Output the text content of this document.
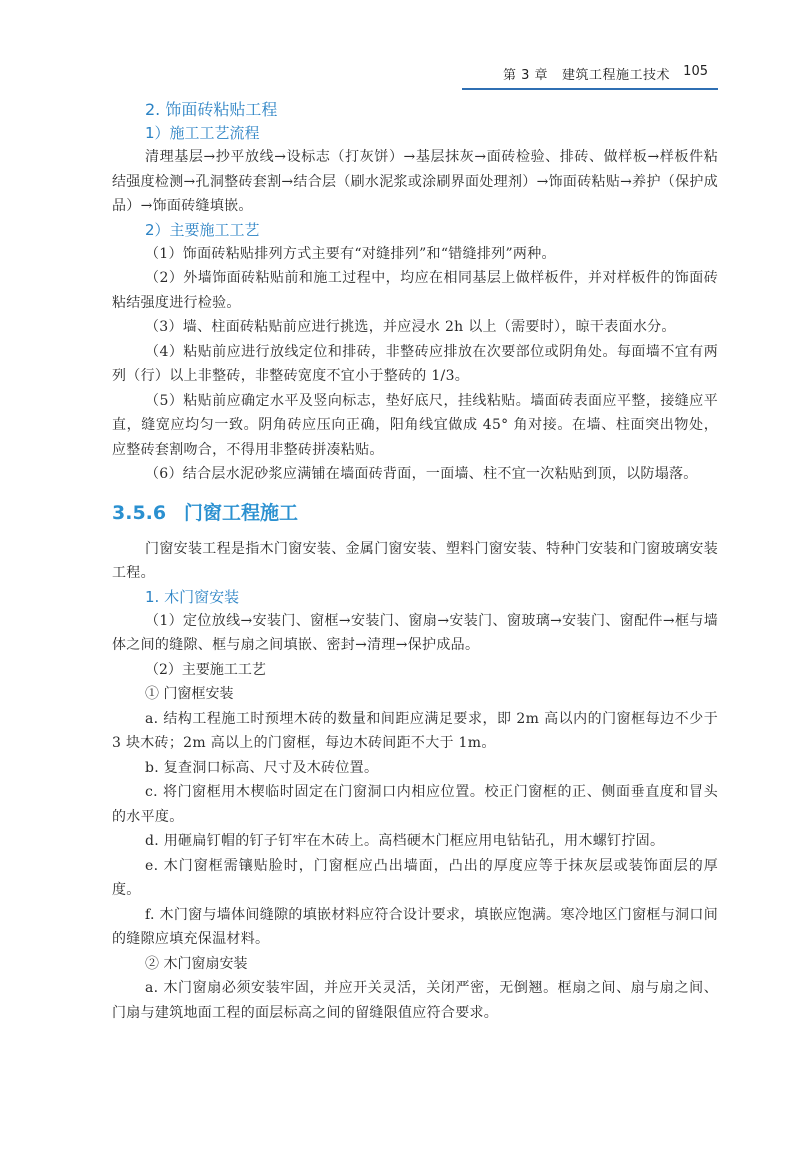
第 3 章 建筑工程施工技术 105
2. 饰面砖粘贴工程
1）施工工艺流程

清理基层→抄平放线→设标志（打灰饼）→基层抹灰→面砖检验、排砖、做样板→样板件粘结强度检测→孔洞整砖套割→结合层（刷水泥浆或涂刷界面处理剂）→饰面砖粘贴→养护（保护成品）→饰面砖缝填嵌。

2）主要施工工艺

（1）饰面砖粘贴排列方式主要有“对缝排列”和“错缝排列”两种。

（2）外墙饰面砖粘贴前和施工过程中，均应在相同基层上做样板件，并对样板件的饰面砖粘结强度进行检验。

（3）墙、柱面砖粘贴前应进行挑选，并应浸水 2h 以上（需要时），晾干表面水分。

（4）粘贴前应进行放线定位和排砖，非整砖应排放在次要部位或阴角处。每面墙不宜有两列（行）以上非整砖，非整砖宽度不宜小于整砖的 1/3。

（5）粘贴前应确定水平及竖向标志，垫好底尺，挂线粘贴。墙面砖表面应平整，接缝应平直，缝宽应均匀一致。阴角砖应压向正确，阳角线宜做成 45° 角对接。在墙、柱面突出物处，应整砖套割吻合，不得用非整砖拼凑粘贴。

（6）结合层水泥砂浆应满铺在墙面砖背面，一面墙、柱不宜一次粘贴到顶，以防塌落。

3.5.6 门窗工程施工

门窗安装工程是指木门窗安装、金属门窗安装、塑料门窗安装、特种门安装和门窗玻璃安装工程。

1. 木门窗安装

（1）定位放线→安装门、窗框→安装门、窗扇→安装门、窗玻璃→安装门、窗配件→框与墙体之间的缝隙、框与扇之间填嵌、密封→清理→保护成品。

（2）主要施工工艺
① 门窗框安装

a. 结构工程施工时预埋木砖的数量和间距应满足要求，即 2m 高以内的门窗框每边不少于 3 块木砖；2m 高以上的门窗框，每边木砖间距不大于 1m。

b. 复查洞口标高、尺寸及木砖位置。

c. 将门窗框用木楔临时固定在门窗洞口内相应位置。校正门窗框的正、侧面垂直度和冒头的水平度。

d. 用砸扁钉帽的钉子钉牢在木砖上。高档硬木门框应用电钻钻孔，用木螺钉拧固。

e. 木门窗框需镶贴脸时，门窗框应凸出墙面，凸出的厚度应等于抹灰层或装饰面层的厚度。

f. 木门窗与墙体间缝隙的填嵌材料应符合设计要求，填嵌应饱满。寒冷地区门窗框与洞口间的缝隙应填充保温材料。

② 木门窗扇安装

a. 木门窗扇必须安装牢固，并应开关灵活，关闭严密，无倒翘。框扇之间、扇与扇之间、门扇与建筑地面工程的面层标高之间的留缝限值应符合要求。
